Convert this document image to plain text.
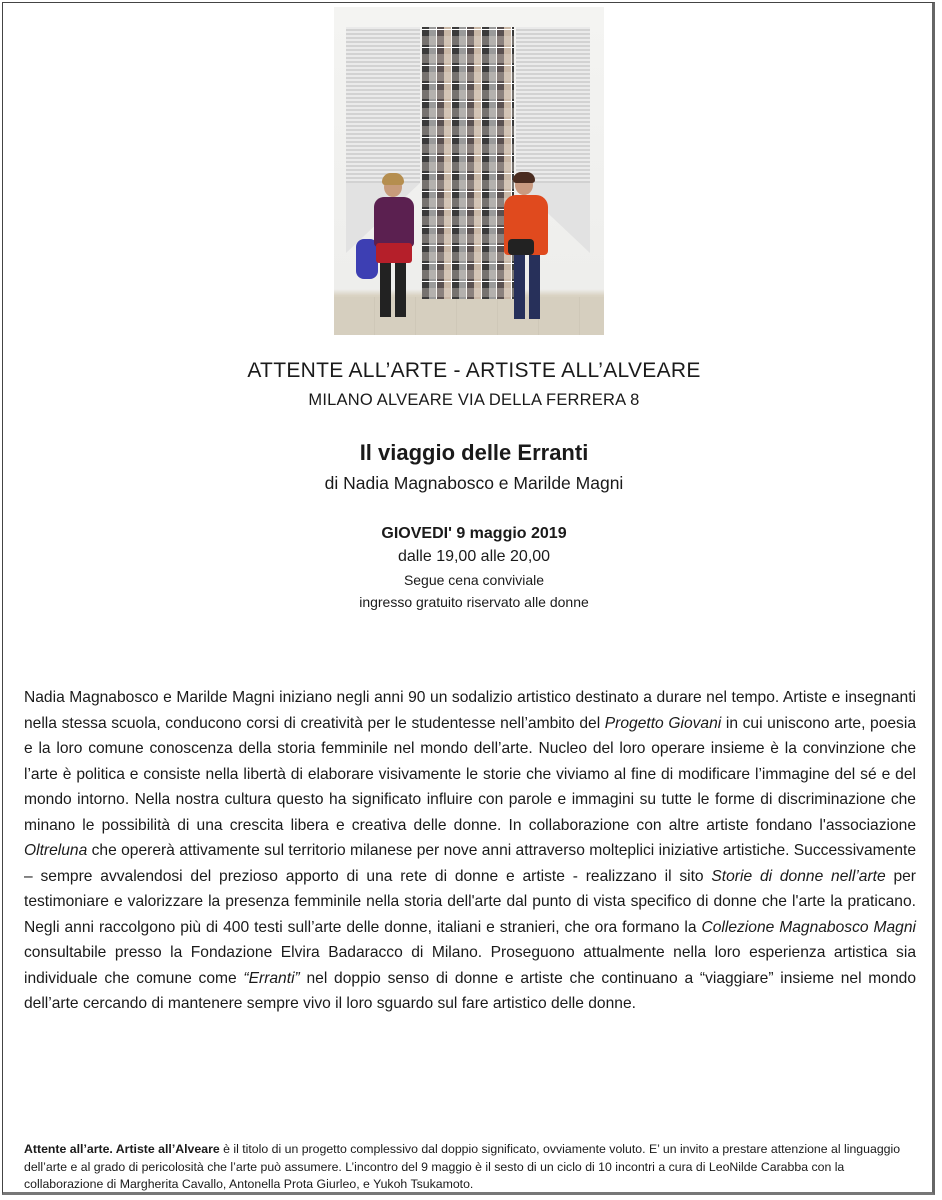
ATTENTE ALL’ARTE - ARTISTE ALL’ALVEARE

MILANO ALVEARE VIA DELLA FERRERA 8

Il viaggio delle Erranti

di Nadia Magnabosco e Marilde Magni

GIOVEDI' 9 maggio 2019

dalle 19,00 alle 20,00

Segue cena conviviale

ingresso gratuito riservato alle donne

Nadia Magnabosco e Marilde Magni iniziano negli anni 90 un sodalizio artistico destinato a durare nel tempo. Artiste e insegnanti nella stessa scuola, conducono corsi di creatività per le studentesse nell’ambito del Progetto Giovani in cui uniscono arte, poesia e la loro comune conoscenza della storia femminile nel mondo dell’arte. Nucleo del loro operare insieme è la convinzione che l’arte è politica e consiste nella libertà di elaborare visivamente le storie che viviamo al fine di modificare l’immagine del sé e del mondo intorno. Nella nostra cultura questo ha significato influire con parole e immagini su tutte le forme di discriminazione che minano le possibilità di una crescita libera e creativa delle donne. In collaborazione con altre artiste fondano l'associazione Oltreluna che opererà attivamente sul territorio milanese per nove anni attraverso molteplici iniziative artistiche. Successivamente – sempre avvalendosi del prezioso apporto di una rete di donne e artiste - realizzano il sito Storie di donne nell’arte per testimoniare e valorizzare la presenza femminile nella storia dell'arte dal punto di vista specifico di donne che l'arte la praticano. Negli anni raccolgono più di 400 testi sull’arte delle donne, italiani e stranieri, che ora formano la Collezione Magnabosco Magni consultabile presso la Fondazione Elvira Badaracco di Milano. Proseguono attualmente nella loro esperienza artistica sia individuale che comune come “Erranti” nel doppio senso di donne e artiste che continuano a “viaggiare” insieme nel mondo dell’arte cercando di mantenere sempre vivo il loro sguardo sul fare artistico delle donne.

Attente all’arte. Artiste all’Alveare è il titolo di un progetto complessivo dal doppio significato, ovviamente voluto. E’ un invito a prestare attenzione al linguaggio dell’arte e al grado di pericolosità che l’arte può assumere. L’incontro del 9 maggio è il sesto di un ciclo di 10 incontri a cura di LeoNilde Carabba con la collaborazione di Margherita Cavallo, Antonella Prota Giurleo, e Yukoh Tsukamoto.
